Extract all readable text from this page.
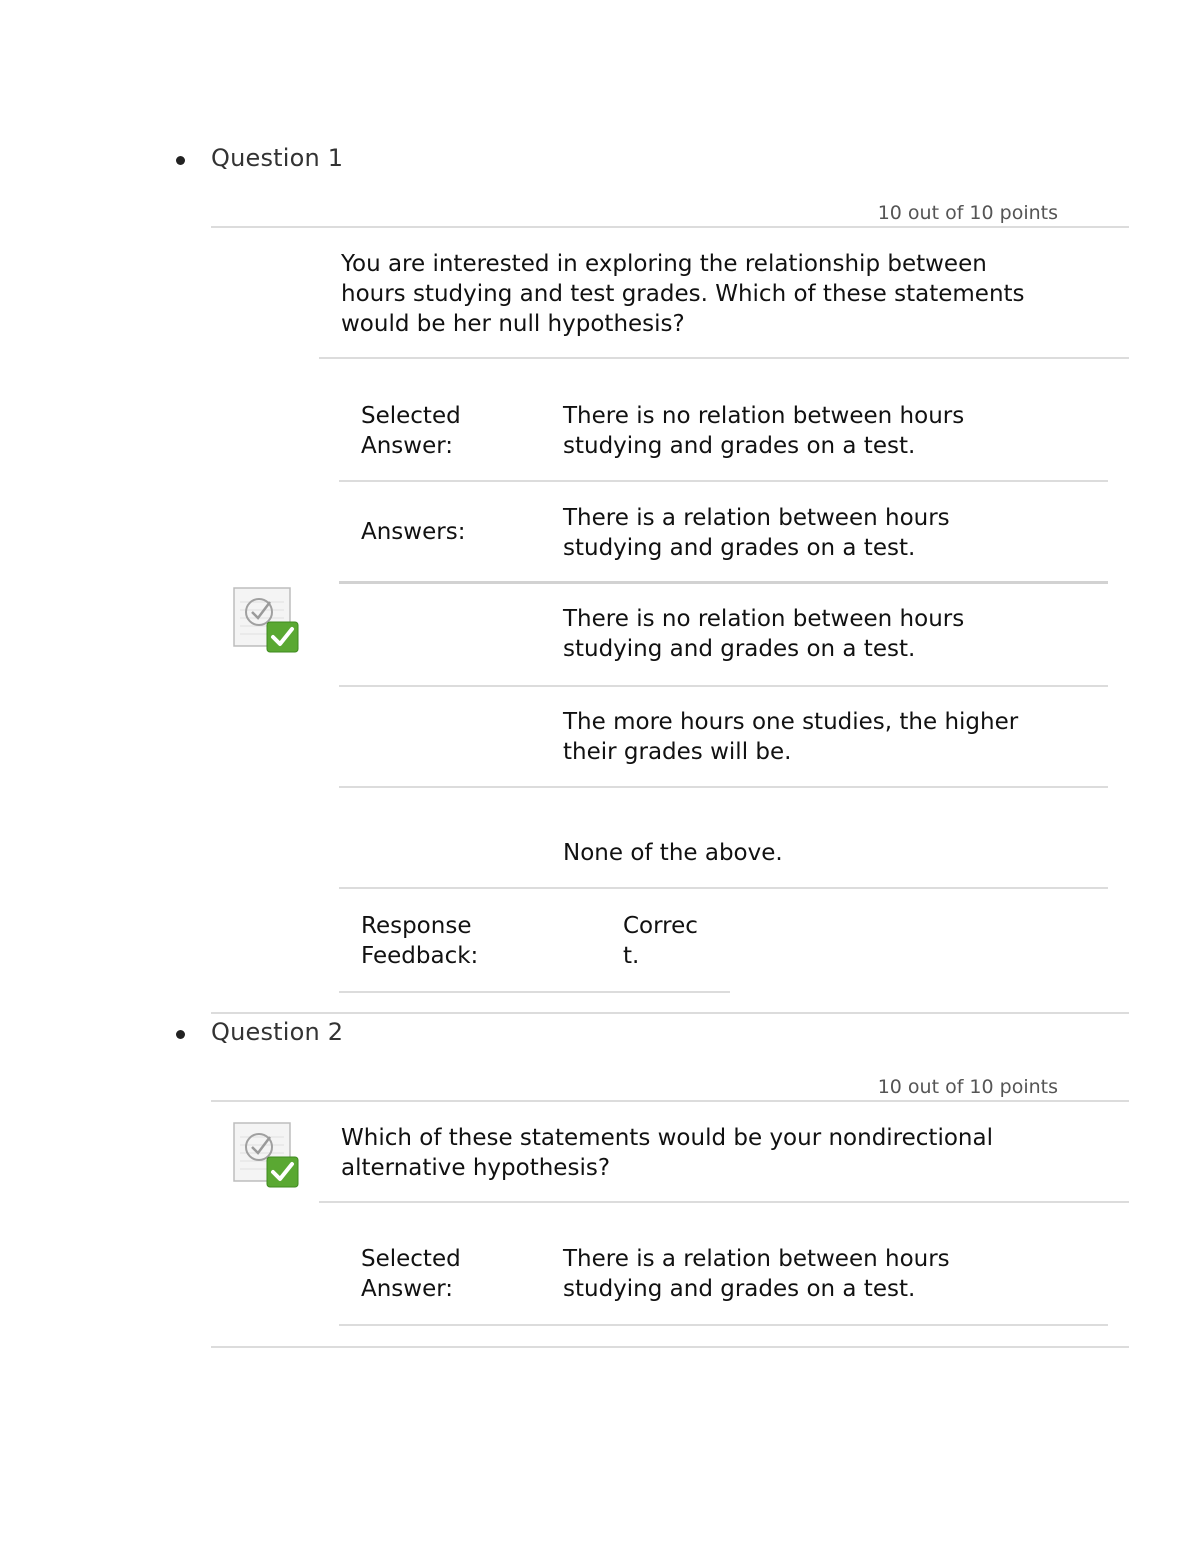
Question 1
10 out of 10 points
You are interested in exploring the relationship between
hours studying and test grades. Which of these statements
would be her null hypothesis?
Selected
Answer:
There is no relation between hours
studying and grades on a test.
Answers:
There is a relation between hours
studying and grades on a test.
There is no relation between hours
studying and grades on a test.
The more hours one studies, the higher
their grades will be.
None of the above.
Response
Feedback:
Correc
t.
Question 2
10 out of 10 points
Which of these statements would be your nondirectional
alternative hypothesis?
Selected
Answer:
There is a relation between hours
studying and grades on a test.
